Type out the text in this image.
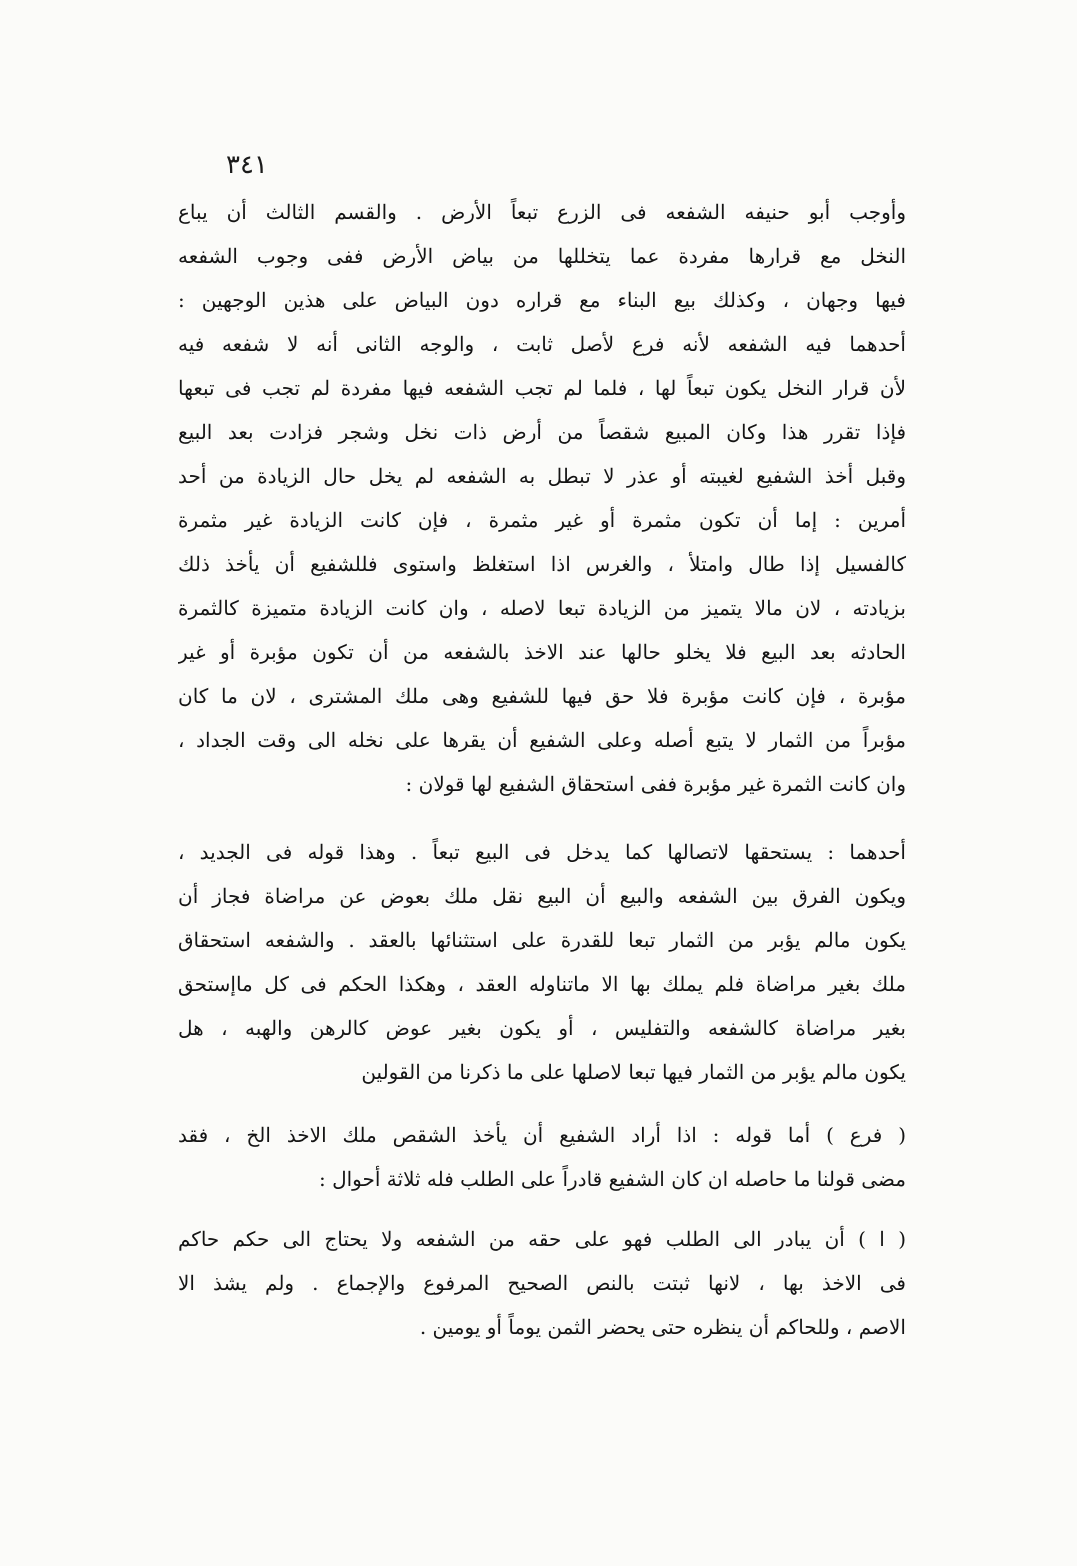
٣٤١
وأوجب أبو حنيفه الشفعه فى الزرع تبعاً الأرض . والقسم الثالث أن يباع
النخل مع قرارها مفردة عما يتخللها من بياض الأرض ففى وجوب الشفعه
فيها وجهان ، وكذلك بيع البناء مع قراره دون البياض على هذين الوجهين :
أحدهما فيه الشفعه لأنه فرع لأصل ثابت ، والوجه الثانى أنه لا شفعه فيه
لأن قرار النخل يكون تبعاً لها ، فلما لم تجب الشفعه فيها مفردة لم تجب فى تبعها
فإذا تقرر هذا وكان المبيع شقصاً من أرض ذات نخل وشجر فزادت بعد البيع
وقبل أخذ الشفيع لغيبته أو عذر لا تبطل به الشفعه لم يخل حال الزيادة من أحد
أمرين : إما أن تكون مثمرة أو غير مثمرة ، فإن كانت الزيادة غير مثمرة
كالفسيل إذا طال وامتلأ ، والغرس اذا استغلظ واستوى فللشفيع أن يأخذ ذلك
بزيادته ، لان مالا يتميز من الزيادة تبعا لاصله ، وان كانت الزيادة متميزة كالثمرة
الحادثه بعد البيع فلا يخلو حالها عند الاخذ بالشفعه من أن تكون مؤبرة أو غير
مؤبرة ، فإن كانت مؤبرة فلا حق فيها للشفيع وهى ملك المشترى ، لان ما كان
مؤبراً من الثمار لا يتبع أصله وعلى الشفيع أن يقرها على نخله الى وقت الجداد ،
وان كانت الثمرة غير مؤبرة ففى استحقاق الشفيع لها قولان :
أحدهما : يستحقها لاتصالها كما يدخل فى البيع تبعاً . وهذا قوله فى الجديد ،
ويكون الفرق بين الشفعه والبيع أن البيع نقل ملك بعوض عن مراضاة فجاز أن
يكون مالم يؤبر من الثمار تبعا للقدرة على استثنائها بالعقد . والشفعه استحقاق
ملك بغير مراضاة فلم يملك بها الا ماتناوله العقد ، وهكذا الحكم فى كل ماإستحق
بغير مراضاة كالشفعه والتفليس ، أو يكون بغير عوض كالرهن والهبه ، هل
يكون مالم يؤبر من الثمار فيها تبعا لاصلها على ما ذكرنا من القولين
( فرع ) أما قوله : اذا أراد الشفيع أن يأخذ الشقص ملك الاخذ الخ ، فقد
مضى قولنا ما حاصله ان كان الشفيع قادراً على الطلب فله ثلاثة أحوال :
( ا ) أن يبادر الى الطلب فهو على حقه من الشفعه ولا يحتاج الى حكم حاكم
فى الاخذ بها ، لانها ثبتت بالنص الصحيح المرفوع والإجماع . ولم يشذ الا
الاصم ، وللحاكم أن ينظره حتى يحضر الثمن يوماً أو يومين .
